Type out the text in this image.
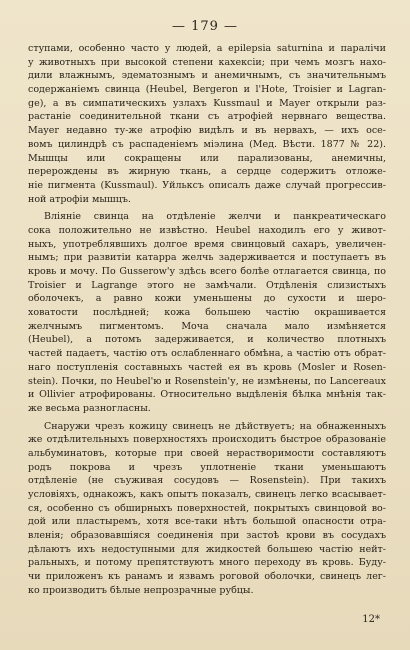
— 179 —
ступами, особенно часто у людей, а epilepsia saturnina и паралiчи
у животныхъ при высокой степени кахексiи; при чемъ мозгъ нахо-
дили влажнымъ, эдематознымъ и анемичнымъ, съ значительнымъ
содержанiемъ свинца (Heubel, Bergeron и l'Hote, Troisier и Lagran-
ge), а въ симпатическихъ узлахъ Kussmaul и Mayer открыли раз-
растанiе соединительной ткани съ атрофiей нервнаго вещества.
Mayer недавно ту-же атрофiю видѣлъ и въ нервахъ, — ихъ осе-
вомъ цилиндрѣ съ распаденiемъ мiэлина (Мед. Вѣсти. 1877 № 22).
Мышцы или сокращены или парализованы, анемичны,
перерождены въ жирную ткань, а сердце содержитъ отложе-
нiе пигмента (Kussmaul). Уйлькcъ описалъ даже случай прогрессив-
ной атрофiи мышцъ.
Влiянiе свинца на отдѣленiе желчи и панкреатическаго
сока положительно не извѣстно. Heubel находилъ его у живот-
ныхъ, употреблявшихъ долгое время свинцовый сахаръ, увеличен-
нымъ; при развитiи катарра желчь задерживается и поступаетъ въ
кровь и мочу. По Gusserow'у здѣсь всего болѣе отлагается свинца, по
Troisier и Lagrange этого не замѣчали. Отдѣленiя слизистыхъ
оболочекъ, а равно кожи уменьшены до сухости и шеро-
ховатости послѣдней; кожа большею частiю окрашивается
желчнымъ пигментомъ. Моча сначала мало измѣняется
(Heubel), а потомъ задерживается, и количество плотныхъ
частей падаетъ, частiю отъ ослабленнаго обмѣна, а частiю отъ обрат-
наго поступленiя составныхъ частей ея въ кровь (Mosler и Rosen-
stein). Почки, по Heubel'ю и Rosenstein'у, не измѣнены, по Lancereaux
и Ollivier атрофированы. Относительно выдѣленiя бѣлка мнѣнiя так-
же весьма разногласны.
Снаружи чрезъ кожицу свинецъ не дѣйствуетъ; на обнаженныхъ
же отдѣлительныхъ поверхностяхъ происходитъ быстрое образованiе
альбуминатовъ, которые при своей нерастворимости составляютъ
родъ покрова и чрезъ уплотненiе ткани уменьшаютъ
отдѣленiе (не съуживая сосудовъ — Rosenstein). При такихъ
условiяхъ, однакожъ, какъ опытъ показалъ, свинецъ легко всасывает-
ся, особенно съ обширныхъ поверхностей, покрытыхъ свинцовой во-
дой или пластыремъ, хотя все-таки нѣтъ большой опасности отра-
вленiя; образовавшiяся соединенiя при застоѣ крови въ сосудахъ
дѣлаютъ ихъ недоступными для жидкостей большею частiю нейт-
ральныхъ, и потому препятствуютъ много переходу въ кровь. Буду-
чи приложенъ къ ранамъ и язвамъ роговой оболочки, свинецъ лег-
ко производитъ бѣлые непрозрачные рубцы.
12*
